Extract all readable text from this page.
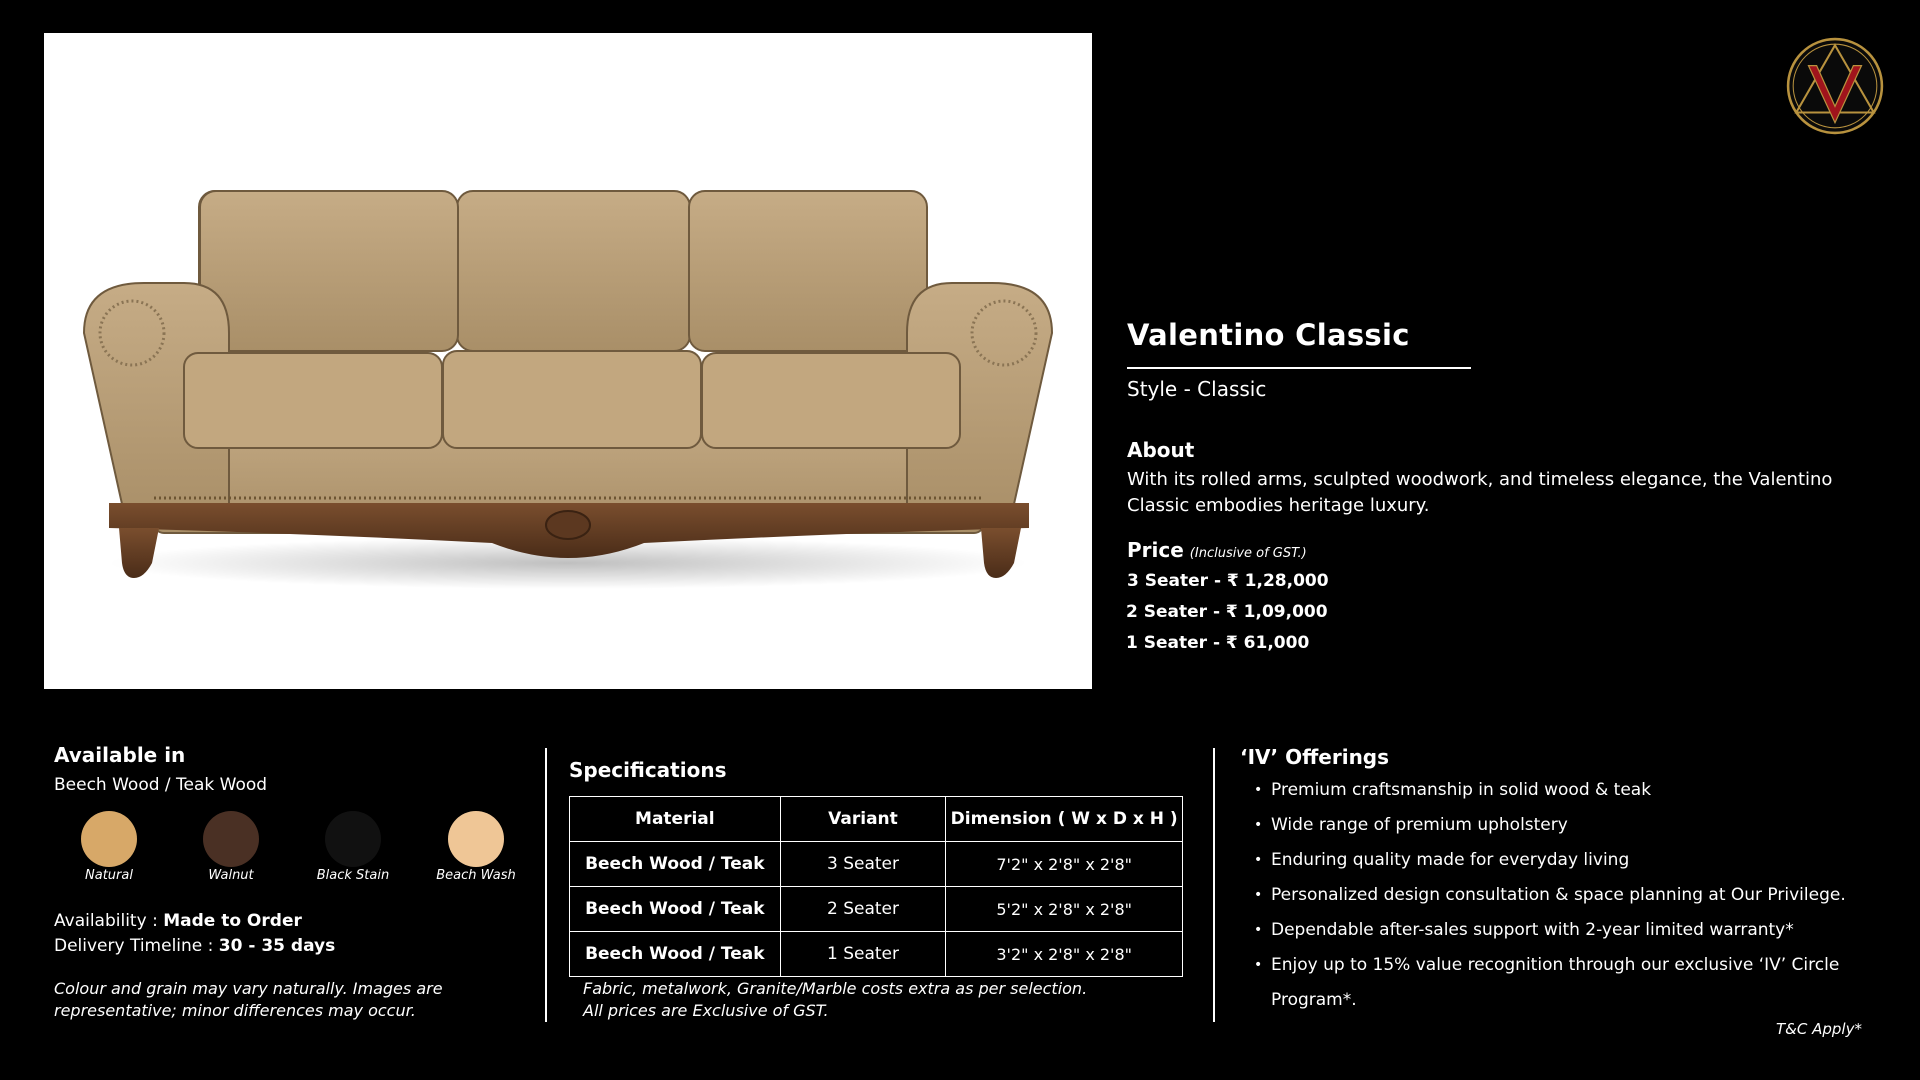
Valentino Classic
Style - Classic
About
With its rolled arms, sculpted woodwork, and timeless elegance, the Valentino Classic embodies heritage luxury.
Price (Inclusive of GST.)
3 Seater - ₹ 1,28,000
2 Seater - ₹ 1,09,000
1 Seater - ₹ 61,000
Available in
Beech Wood / Teak Wood
Natural	Walnut	Black Stain	Beach Wash
Availability : Made to Order
Delivery Timeline : 30 - 35 days
Colour and grain may vary naturally. Images are
representative; minor differences may occur.
Specifications
Material	Variant	Dimension ( W x D x H )
Beech Wood / Teak	3 Seater	7'2" x 2'8" x 2'8"
Beech Wood / Teak	2 Seater	5'2" x 2'8" x 2'8"
Beech Wood / Teak	1 Seater	3'2" x 2'8" x 2'8"
Fabric, metalwork, Granite/Marble costs extra as per selection.
All prices are Exclusive of GST.
‘IV’ Offerings
• Premium craftsmanship in solid wood & teak
• Wide range of premium upholstery
• Enduring quality made for everyday living
• Personalized design consultation & space planning at Our Privilege.
• Dependable after-sales support with 2-year limited warranty*
• Enjoy up to 15% value recognition through our exclusive ‘IV’ Circle Program*.
T&C Apply*
